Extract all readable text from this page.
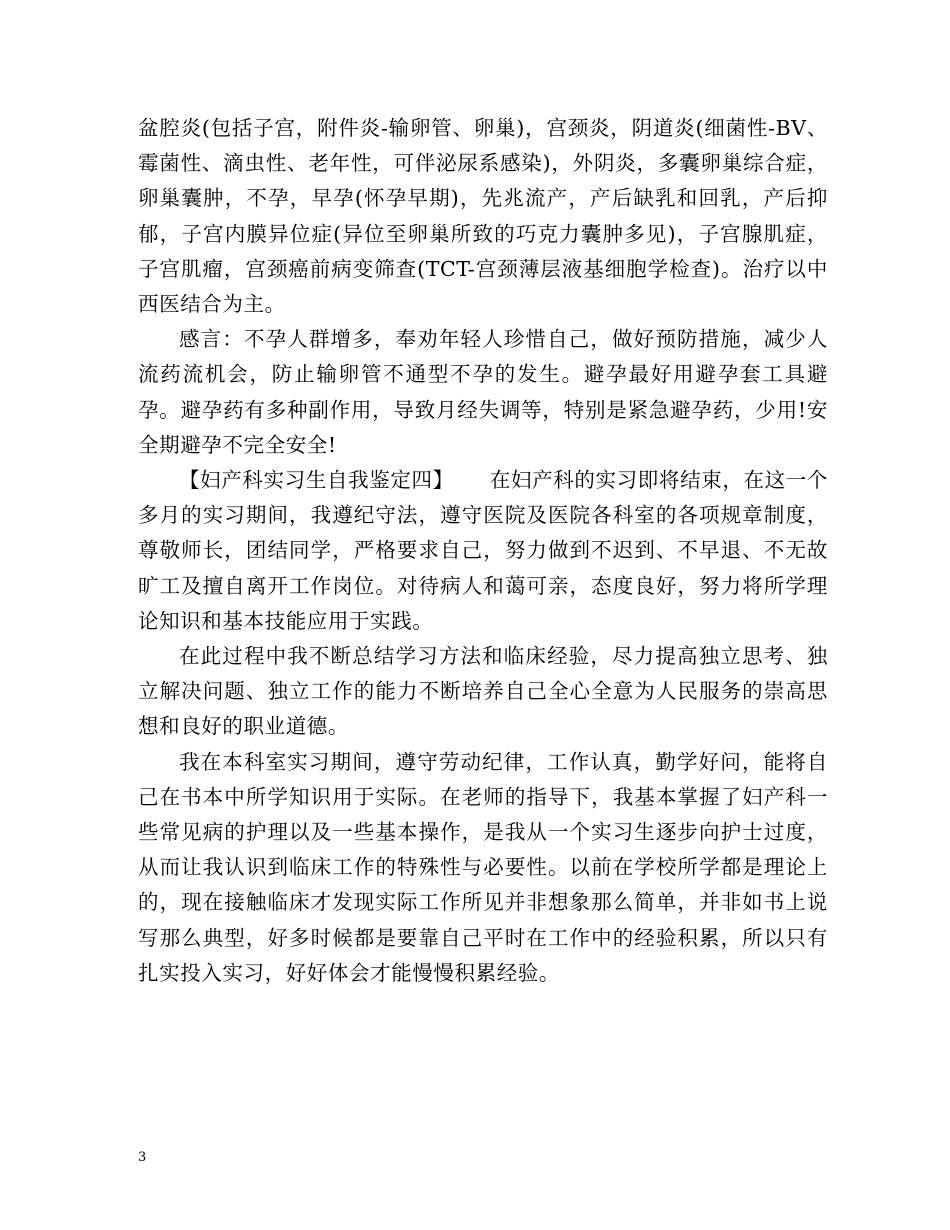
盆腔炎(包括子宫，附件炎-输卵管、卵巢)，宫颈炎，阴道炎(细菌性-BV、霉菌性、滴虫性、老年性，可伴泌尿系感染)，外阴炎，多囊卵巢综合症，卵巢囊肿，不孕，早孕(怀孕早期)，先兆流产，产后缺乳和回乳，产后抑郁，子宫内膜异位症(异位至卵巢所致的巧克力囊肿多见)，子宫腺肌症，子宫肌瘤，宫颈癌前病变筛查(TCT-宫颈薄层液基细胞学检查)。治疗以中西医结合为主。

感言：不孕人群增多，奉劝年轻人珍惜自己，做好预防措施，减少人流药流机会，防止输卵管不通型不孕的发生。避孕最好用避孕套工具避孕。避孕药有多种副作用，导致月经失调等，特别是紧急避孕药，少用!安全期避孕不完全安全!

【妇产科实习生自我鉴定四】 在妇产科的实习即将结束，在这一个多月的实习期间，我遵纪守法，遵守医院及医院各科室的各项规章制度，尊敬师长，团结同学，严格要求自己，努力做到不迟到、不早退、不无故旷工及擅自离开工作岗位。对待病人和蔼可亲，态度良好，努力将所学理论知识和基本技能应用于实践。

在此过程中我不断总结学习方法和临床经验，尽力提高独立思考、独立解决问题、独立工作的能力不断培养自己全心全意为人民服务的崇高思想和良好的职业道德。

我在本科室实习期间，遵守劳动纪律，工作认真，勤学好问，能将自己在书本中所学知识用于实际。在老师的指导下，我基本掌握了妇产科一些常见病的护理以及一些基本操作，是我从一个实习生逐步向护士过度，从而让我认识到临床工作的特殊性与必要性。以前在学校所学都是理论上的，现在接触临床才发现实际工作所见并非想象那么简单，并非如书上说写那么典型，好多时候都是要靠自己平时在工作中的经验积累，所以只有扎实投入实习，好好体会才能慢慢积累经验。

3
